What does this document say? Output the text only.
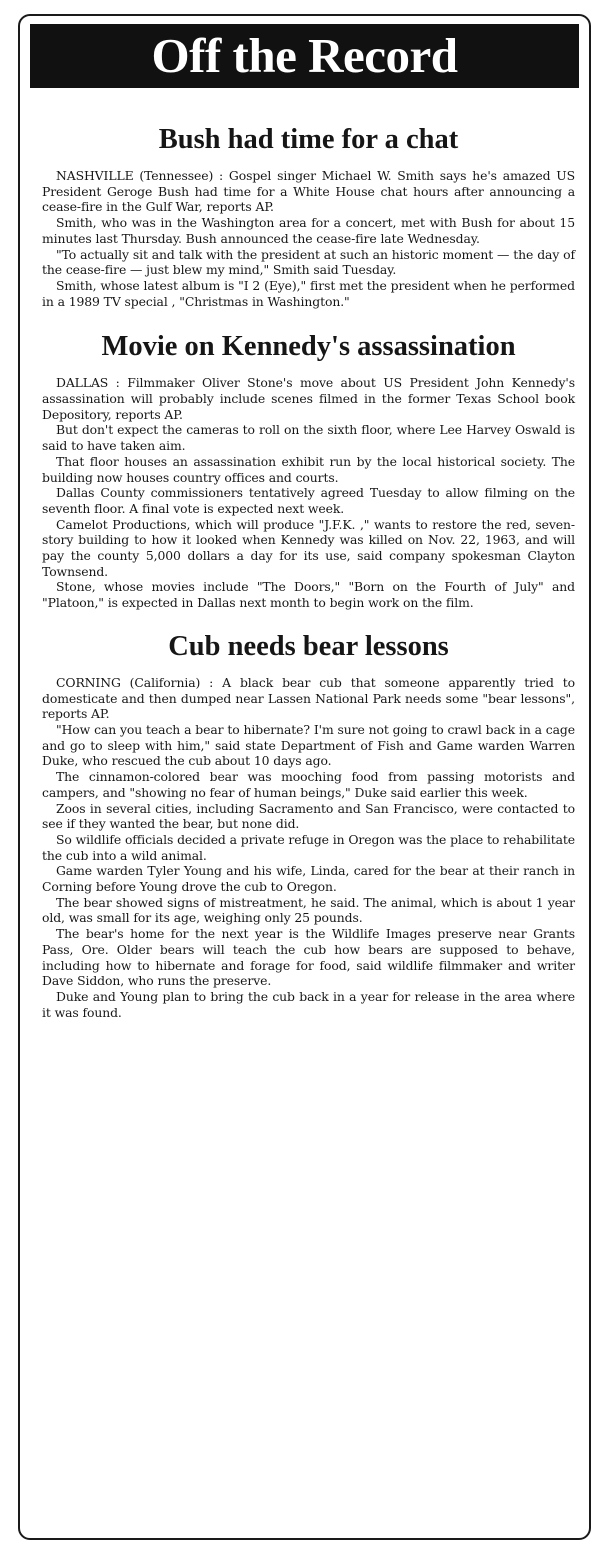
Off the Record
Bush had time for a chat

NASHVILLE (Tennessee) : Gospel singer Michael W. Smith says he's amazed US President Geroge Bush had time for a White House chat hours after announcing a cease-fire in the Gulf War, reports AP.

Smith, who was in the Washington area for a concert, met with Bush for about 15 minutes last Thursday. Bush announced the cease-fire late Wednesday.

"To actually sit and talk with the president at such an historic moment — the day of the cease-fire — just blew my mind," Smith said Tuesday.

Smith, whose latest album is "I 2 (Eye)," first met the president when he performed in a 1989 TV special , "Christmas in Washington."

Movie on Kennedy's assassination

DALLAS : Filmmaker Oliver Stone's move about US President John Kennedy's assassination will probably include scenes filmed in the former Texas School book Depository, reports AP.

But don't expect the cameras to roll on the sixth floor, where Lee Harvey Oswald is said to have taken aim.

That floor houses an assassination exhibit run by the local historical society. The building now houses country offices and courts.

Dallas County commissioners tentatively agreed Tuesday to allow filming on the seventh floor. A final vote is expected next week.

Camelot Productions, which will produce "J.F.K. ," wants to restore the red, seven-story building to how it looked when Kennedy was killed on Nov. 22, 1963, and will pay the county 5,000 dollars a day for its use, said company spokesman Clayton Townsend.

Stone, whose movies include "The Doors," "Born on the Fourth of July" and "Platoon," is expected in Dallas next month to begin work on the film.

Cub needs bear lessons

CORNING (California) : A black bear cub that someone apparently tried to domesticate and then dumped near Lassen National Park needs some "bear lessons", reports AP.

"How can you teach a bear to hibernate? I'm sure not going to crawl back in a cage and go to sleep with him," said state Department of Fish and Game warden Warren Duke, who rescued the cub about 10 days ago.

The cinnamon-colored bear was mooching food from passing motorists and campers, and "showing no fear of human beings," Duke said earlier this week.

Zoos in several cities, including Sacramento and San Francisco, were contacted to see if they wanted the bear, but none did.

So wildlife officials decided a private refuge in Oregon was the place to rehabilitate the cub into a wild animal.

Game warden Tyler Young and his wife, Linda, cared for the bear at their ranch in Corning before Young drove the cub to Oregon.

The bear showed signs of mistreatment, he said. The animal, which is about 1 year old, was small for its age, weighing only 25 pounds.

The bear's home for the next year is the Wildlife Images preserve near Grants Pass, Ore. Older bears will teach the cub how bears are supposed to behave, including how to hibernate and forage for food, said wildlife filmmaker and writer Dave Siddon, who runs the preserve.

Duke and Young plan to bring the cub back in a year for release in the area where it was found.
